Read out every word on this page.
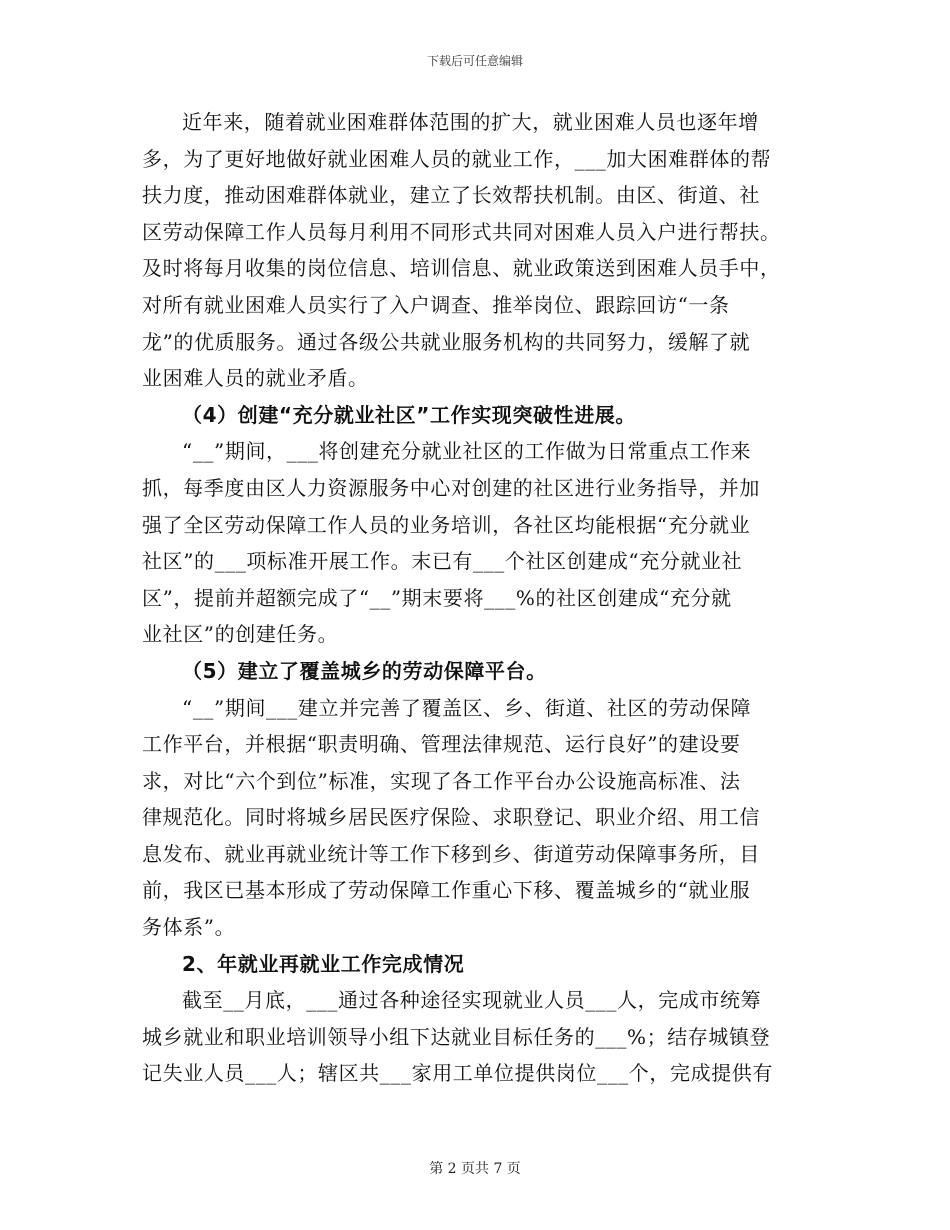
下载后可任意编辑
近年来，随着就业困难群体范围的扩大，就业困难人员也逐年增
多，为了更好地做好就业困难人员的就业工作，___加大困难群体的帮
扶力度，推动困难群体就业，建立了长效帮扶机制。由区、街道、社
区劳动保障工作人员每月利用不同形式共同对困难人员入户进行帮扶。
及时将每月收集的岗位信息、培训信息、就业政策送到困难人员手中，
对所有就业困难人员实行了入户调查、推举岗位、跟踪回访“一条
龙”的优质服务。通过各级公共就业服务机构的共同努力，缓解了就
业困难人员的就业矛盾。
（4）创建“充分就业社区”工作实现突破性进展。
“__”期间，___将创建充分就业社区的工作做为日常重点工作来
抓，每季度由区人力资源服务中心对创建的社区进行业务指导，并加
强了全区劳动保障工作人员的业务培训，各社区均能根据“充分就业
社区”的___项标准开展工作。末已有___个社区创建成“充分就业社
区”，提前并超额完成了“__”期末要将___%的社区创建成“充分就
业社区”的创建任务。
（5）建立了覆盖城乡的劳动保障平台。
“__”期间___建立并完善了覆盖区、乡、街道、社区的劳动保障
工作平台，并根据“职责明确、管理法律规范、运行良好”的建设要
求，对比“六个到位”标准，实现了各工作平台办公设施高标准、法
律规范化。同时将城乡居民医疗保险、求职登记、职业介绍、用工信
息发布、就业再就业统计等工作下移到乡、街道劳动保障事务所，目
前，我区已基本形成了劳动保障工作重心下移、覆盖城乡的“就业服
务体系”。
2、年就业再就业工作完成情况
截至__月底，___通过各种途径实现就业人员___人，完成市统筹
城乡就业和职业培训领导小组下达就业目标任务的___%；结存城镇登
记失业人员___人；辖区共___家用工单位提供岗位___个，完成提供有
第 2 页共 7 页
